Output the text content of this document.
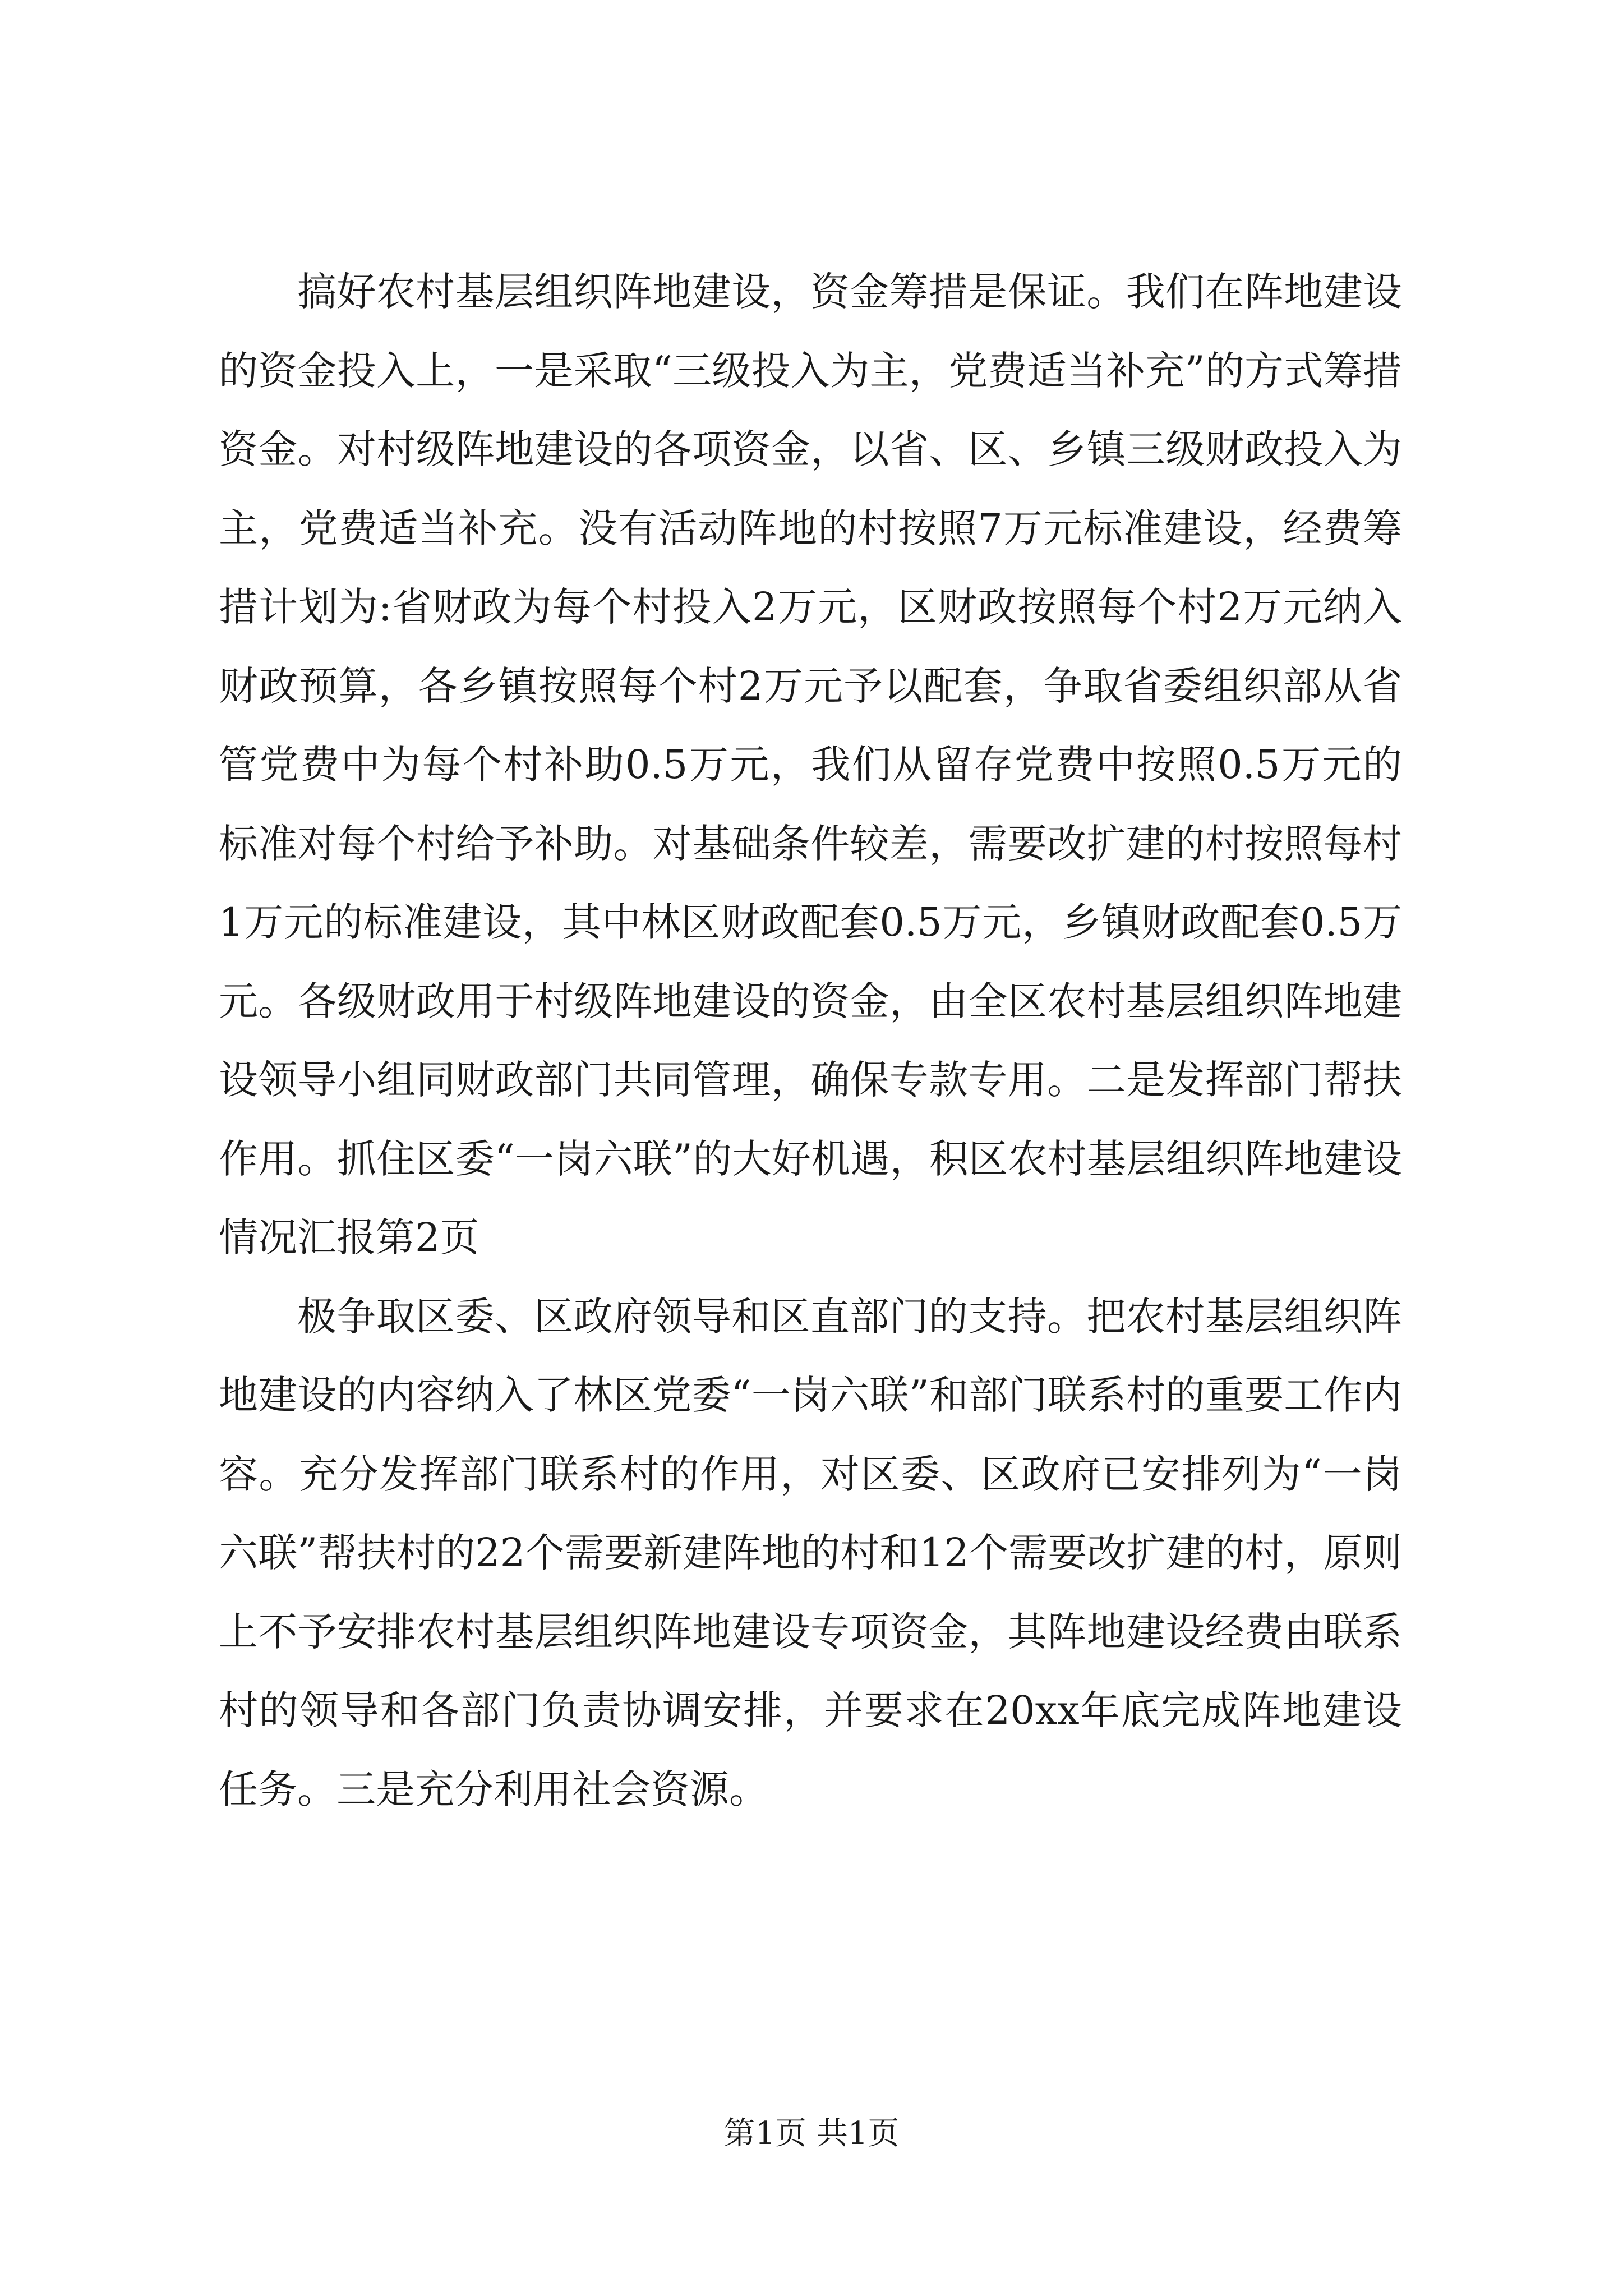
搞好农村基层组织阵地建设，资金筹措是保证。我们在阵地建设的资金投入上，一是采取“三级投入为主，党费适当补充”的方式筹措资金。对村级阵地建设的各项资金，以省、区、乡镇三级财政投入为主，党费适当补充。没有活动阵地的村按照7万元标准建设，经费筹措计划为:省财政为每个村投入2万元，区财政按照每个村2万元纳入财政预算，各乡镇按照每个村2万元予以配套，争取省委组织部从省管党费中为每个村补助0.5万元，我们从留存党费中按照0.5万元的标准对每个村给予补助。对基础条件较差，需要改扩建的村按照每村1万元的标准建设，其中林区财政配套0.5万元，乡镇财政配套0.5万元。各级财政用于村级阵地建设的资金，由全区农村基层组织阵地建设领导小组同财政部门共同管理，确保专款专用。二是发挥部门帮扶作用。抓住区委“一岗六联”的大好机遇，积区农村基层组织阵地建设情况汇报第2页

极争取区委、区政府领导和区直部门的支持。把农村基层组织阵地建设的内容纳入了林区党委“一岗六联”和部门联系村的重要工作内容。充分发挥部门联系村的作用，对区委、区政府已安排列为“一岗六联”帮扶村的22个需要新建阵地的村和12个需要改扩建的村，原则上不予安排农村基层组织阵地建设专项资金，其阵地建设经费由联系村的领导和各部门负责协调安排，并要求在20xx年底完成阵地建设任务。三是充分利用社会资源。

第1页 共1页
